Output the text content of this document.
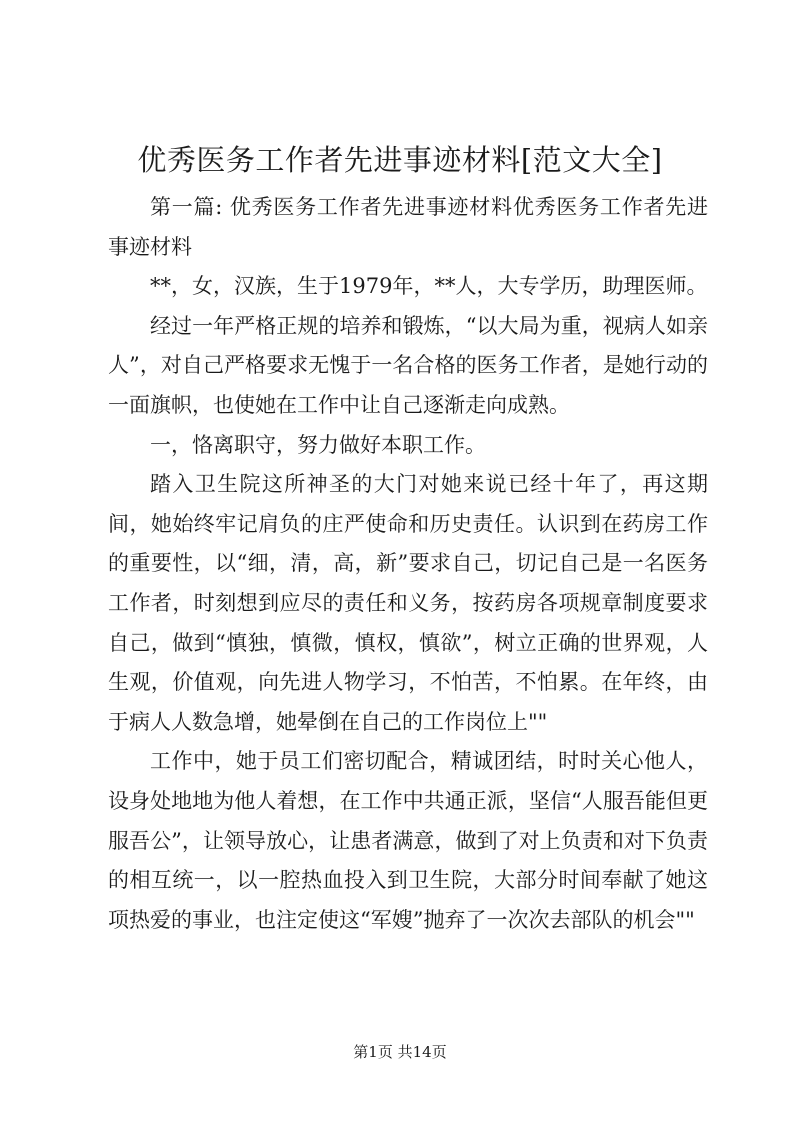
优秀医务工作者先进事迹材料[范文大全]

第一篇: 优秀医务工作者先进事迹材料优秀医务工作者先进事迹材料

**，女，汉族，生于1979年，**人，大专学历，助理医师。

经过一年严格正规的培养和锻炼，“以大局为重，视病人如亲人”，对自己严格要求无愧于一名合格的医务工作者，是她行动的一面旗帜，也使她在工作中让自己逐渐走向成熟。

一，恪离职守，努力做好本职工作。

踏入卫生院这所神圣的大门对她来说已经十年了，再这期间，她始终牢记肩负的庄严使命和历史责任。认识到在药房工作的重要性，以“细，清，高，新”要求自己，切记自己是一名医务工作者，时刻想到应尽的责任和义务，按药房各项规章制度要求自己，做到“慎独，慎微，慎权，慎欲”，树立正确的世界观，人生观，价值观，向先进人物学习，不怕苦，不怕累。在年终，由于病人人数急增，她晕倒在自己的工作岗位上""

工作中，她于员工们密切配合，精诚团结，时时关心他人，设身处地地为他人着想，在工作中共通正派，坚信“人服吾能但更服吾公”，让领导放心，让患者满意，做到了对上负责和对下负责的相互统一，以一腔热血投入到卫生院，大部分时间奉献了她这项热爱的事业，也注定使这“军嫂”抛弃了一次次去部队的机会""

第1页 共14页
